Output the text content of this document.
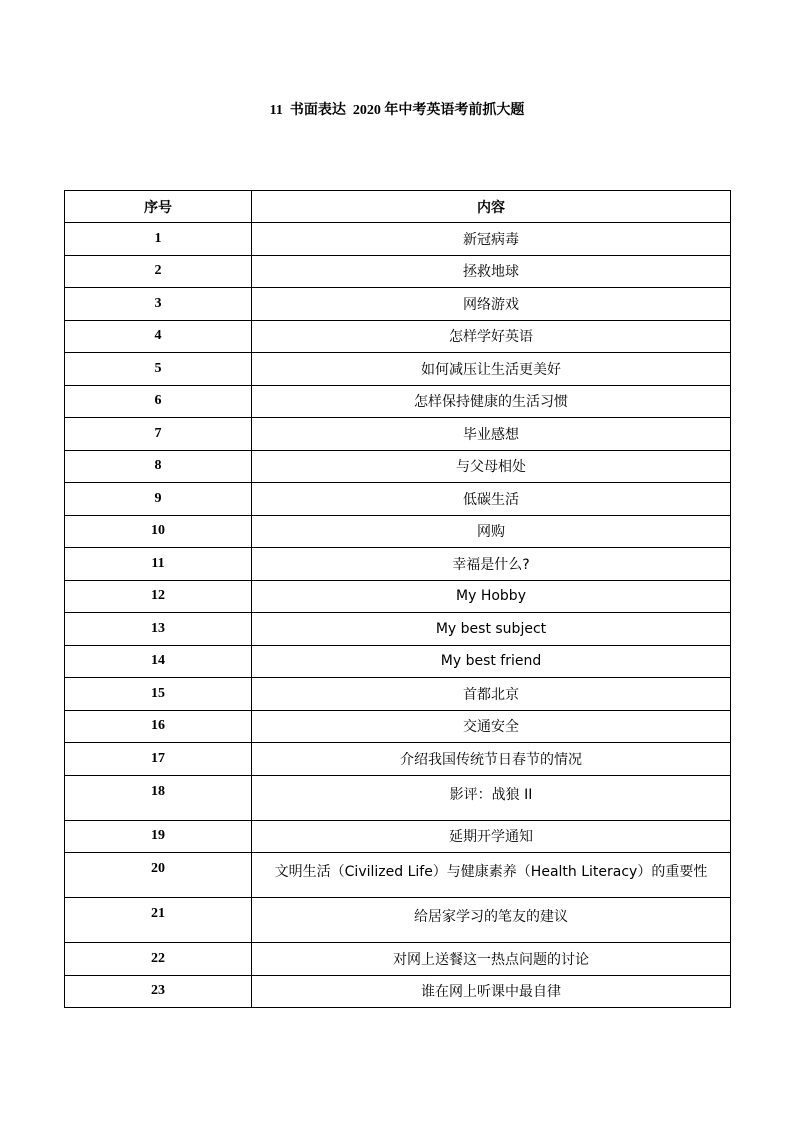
11  书面表达  2020 年中考英语考前抓大题
序号	内容
1	新冠病毒
2	拯救地球
3	网络游戏
4	怎样学好英语
5	如何减压让生活更美好
6	怎样保持健康的生活习惯
7	毕业感想
8	与父母相处
9	低碳生活
10	网购
11	幸福是什么?
12	My Hobby
13	My best subject
14	My best friend
15	首都北京
16	交通安全
17	介绍我国传统节日春节的情况
18	影评：战狼 II
19	延期开学通知
20	文明生活（Civilized Life）与健康素养（Health Literacy）的重要性
21	给居家学习的笔友的建议
22	对网上送餐这一热点问题的讨论
23	谁在网上听课中最自律
